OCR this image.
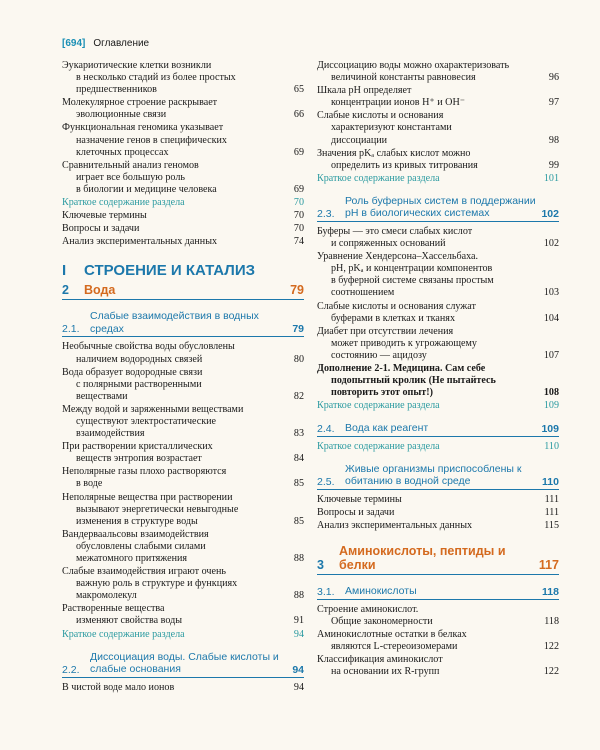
[694] Оглавление
Эукариотические клетки возникли
в несколько стадий из более простых
предшественников	65
Молекулярное строение раскрывает
эволюционные связи	66
Функциональная геномика указывает
назначение генов в специфических
клеточных процессах	69
Сравнительный анализ геномов
играет все большую роль
в биологии и медицине человека	69
Краткое содержание раздела	70
Ключевые термины	70
Вопросы и задачи	70
Анализ экспериментальных данных	74
I	СТРОЕНИЕ И КАТАЛИЗ
2	Вода	79
2.1.
Слабые взаимодействия в водных средах	79
Необычные свойства воды обусловлены
наличием водородных связей	80
Вода образует водородные связи
с полярными растворенными
веществами	82
Между водой и заряженными веществами
существуют электростатические
взаимодействия	83
При растворении кристаллических
веществ энтропия возрастает	84
Неполярные газы плохо растворяются
в воде	85
Неполярные вещества при растворении
вызывают энергетически невыгодные
изменения в структуре воды	85
Вандерваальсовы взаимодействия
обусловлены слабыми силами
межатомного притяжения	88
Слабые взаимодействия играют очень
важную роль в структуре и функциях
макромолекул	88
Растворенные вещества
изменяют свойства воды	91
Краткое содержание раздела	94
2.2.
Диссоциация воды. Слабые кислоты и слабые основания	94
В чистой воде мало ионов	94
Диссоциацию воды можно охарактеризовать
величиной константы равновесия	96
Шкала pH определяет
концентрации ионов H⁺ и OH⁻	97
Слабые кислоты и основания
характеризуют константами
диссоциации	98
Значения pKₐ слабых кислот можно
определить из кривых титрования	99
Краткое содержание раздела	101
2.3.
Роль буферных систем в поддержании pH в биологических системах	102
Буферы — это смеси слабых кислот
и сопряженных оснований	102
Уравнение Хендерсона–Хассельбаха.
pH, pKₐ и концентрации компонентов
в буферной системе связаны простым
соотношением	103
Слабые кислоты и основания служат
буферами в клетках и тканях	104
Диабет при отсутствии лечения
может приводить к угрожающему
состоянию — ацидозу	107
Дополнение 2-1. Медицина. Сам себе
подопытный кролик (Не пытайтесь
повторить этот опыт!)	108
Краткое содержание раздела	109
2.4. Вода как реагент	109
Краткое содержание раздела	110
2.5.
Живые организмы приспособлены к обитанию в водной среде	110
Ключевые термины	111
Вопросы и задачи	111
Анализ экспериментальных данных	115
3
Аминокислоты, пептиды и белки	117
3.1. Аминокислоты	118
Строение аминокислот.
Общие закономерности	118
Аминокислотные остатки в белках
являются L-стереоизомерами	122
Классификация аминокислот
на основании их R-групп	122
